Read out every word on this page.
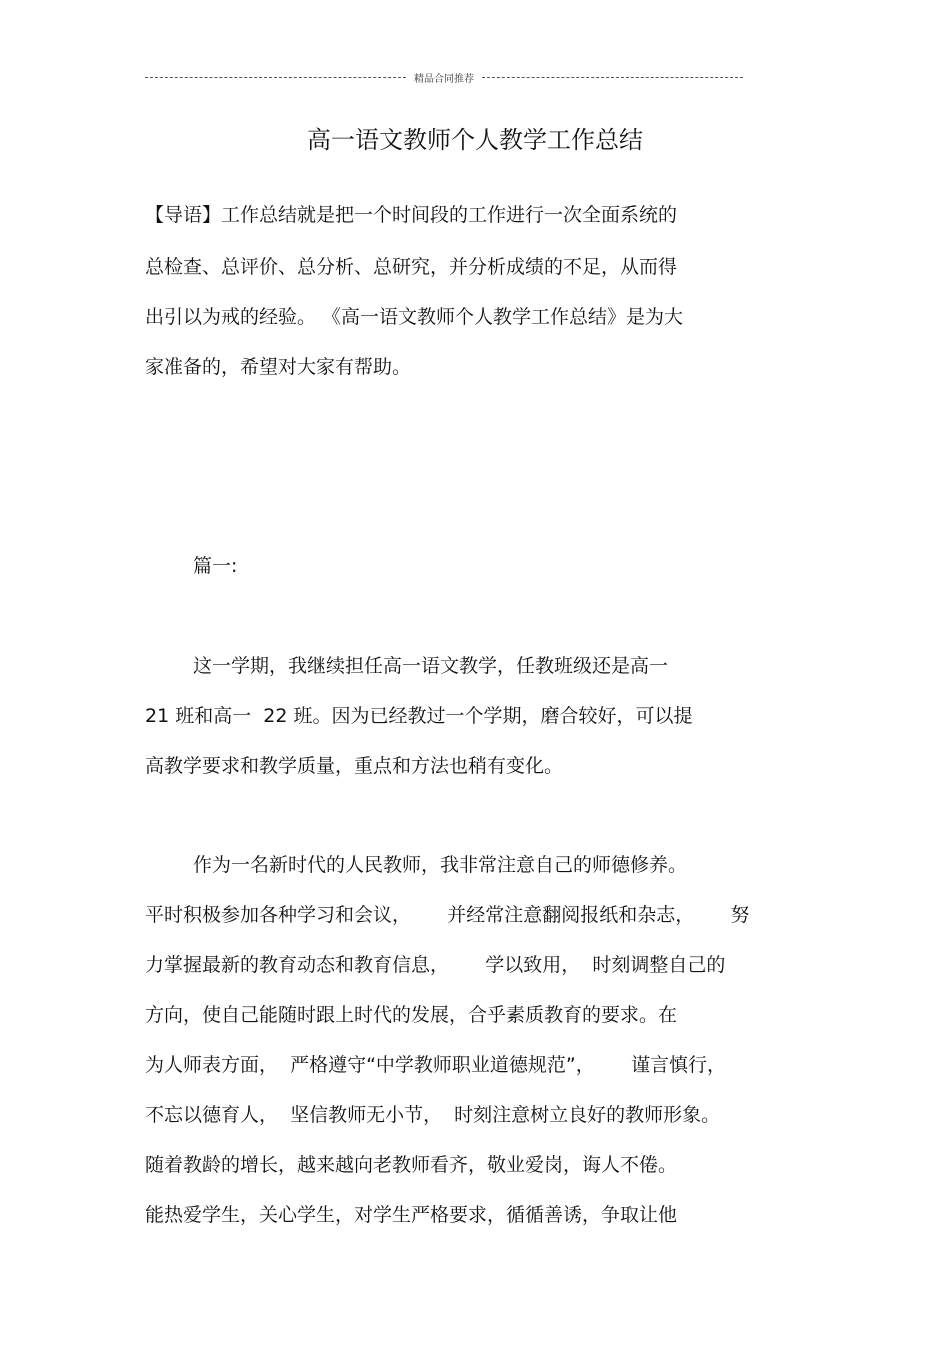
精品合同推荐
高一语文教师个人教学工作总结
【导语】工作总结就是把一个时间段的工作进行一次全面系统的
总检查、总评价、总分析、总研究，并分析成绩的不足，从而得
出引以为戒的经验。 《高一语文教师个人教学工作总结》是为大
家准备的，希望对大家有帮助。
篇一:
这一学期，我继续担任高一语文教学，任教班级还是高一
21 班和高一  22 班。因为已经教过一个学期，磨合较好，可以提
高教学要求和教学质量，重点和方法也稍有变化。
作为一名新时代的人民教师，我非常注意自己的师德修养。
平时积极参加各种学习和会议，      并经常注意翻阅报纸和杂志，      努
力掌握最新的教育动态和教育信息，      学以致用，  时刻调整自己的
方向，使自己能随时跟上时代的发展，合乎素质教育的要求。在
为人师表方面，  严格遵守“中学教师职业道德规范”，      谨言慎行，
不忘以德育人，  坚信教师无小节，  时刻注意树立良好的教师形象。
随着教龄的增长，越来越向老教师看齐，敬业爱岗，诲人不倦。
能热爱学生，关心学生，对学生严格要求，循循善诱，争取让他
